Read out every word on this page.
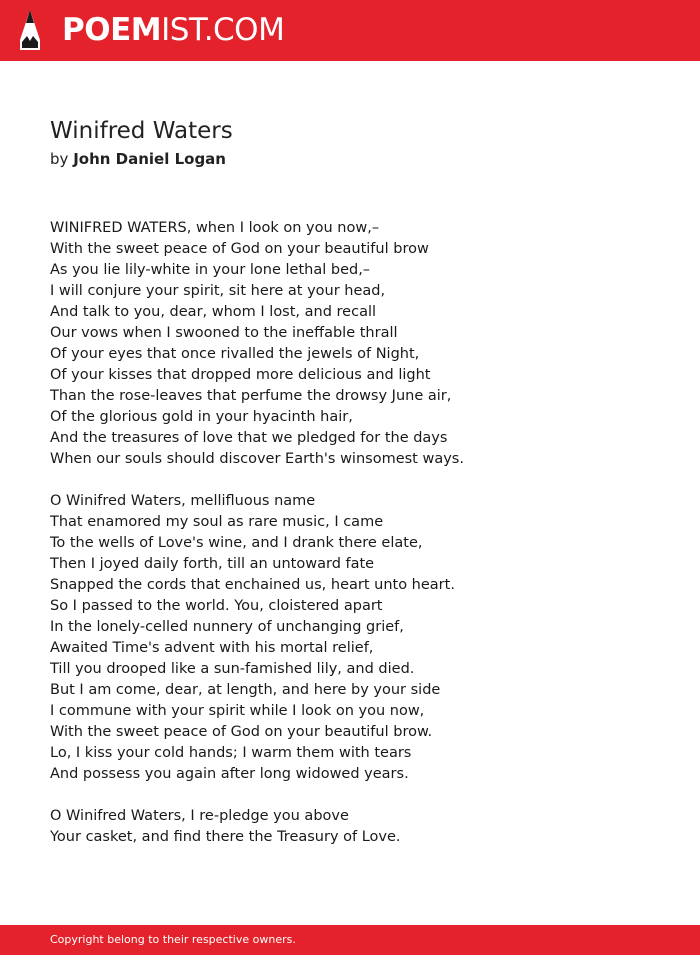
POEMIST.COM
Winifred Waters
by John Daniel Logan
WINIFRED WATERS, when I look on you now,–
With the sweet peace of God on your beautiful brow
As you lie lily-white in your lone lethal bed,–
I will conjure your spirit, sit here at your head,
And talk to you, dear, whom I lost, and recall
Our vows when I swooned to the ineffable thrall
Of your eyes that once rivalled the jewels of Night,
Of your kisses that dropped more delicious and light
Than the rose-leaves that perfume the drowsy June air,
Of the glorious gold in your hyacinth hair,
And the treasures of love that we pledged for the days
When our souls should discover Earth's winsomest ways.
O Winifred Waters, mellifluous name
That enamored my soul as rare music, I came
To the wells of Love's wine, and I drank there elate,
Then I joyed daily forth, till an untoward fate
Snapped the cords that enchained us, heart unto heart.
So I passed to the world. You, cloistered apart
In the lonely-celled nunnery of unchanging grief,
Awaited Time's advent with his mortal relief,
Till you drooped like a sun-famished lily, and died.
But I am come, dear, at length, and here by your side
I commune with your spirit while I look on you now,
With the sweet peace of God on your beautiful brow.
Lo, I kiss your cold hands; I warm them with tears
And possess you again after long widowed years.
O Winifred Waters, I re-pledge you above
Your casket, and find there the Treasury of Love.
Copyright belong to their respective owners.
